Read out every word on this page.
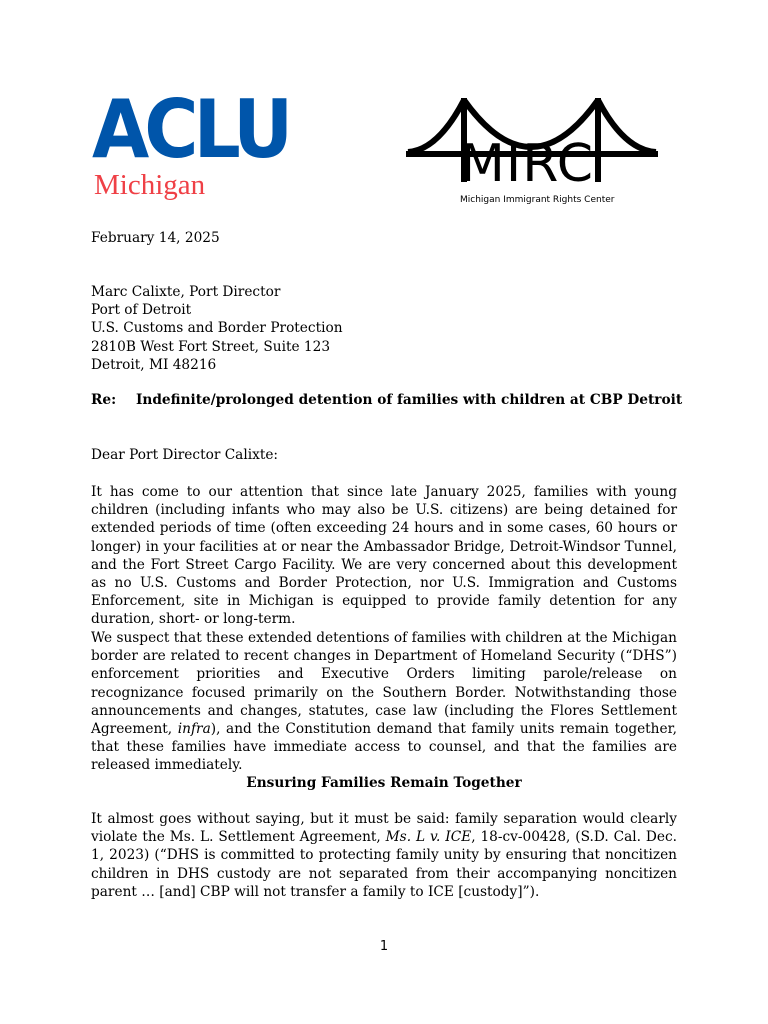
ACLU
Michigan	MIRC
Michigan Immigrant Rights Center
February 14, 2025
Marc Calixte, Port Director
Port of Detroit
U.S. Customs and Border Protection
2810B West Fort Street, Suite 123
Detroit, MI 48216
Re: Indefinite/prolonged detention of families with children at CBP Detroit
Dear Port Director Calixte:
It has come to our attention that since late January 2025, families with young children (including infants who may also be U.S. citizens) are being detained for extended periods of time (often exceeding 24 hours and in some cases, 60 hours or longer) in your facilities at or near the Ambassador Bridge, Detroit-Windsor Tunnel, and the Fort Street Cargo Facility. We are very concerned about this development as no U.S. Customs and Border Protection, nor U.S. Immigration and Customs Enforcement, site in Michigan is equipped to provide family detention for any duration, short- or long-term.
We suspect that these extended detentions of families with children at the Michigan border are related to recent changes in Department of Homeland Security (“DHS”) enforcement priorities and Executive Orders limiting parole/release on recognizance focused primarily on the Southern Border. Notwithstanding those announcements and changes, statutes, case law (including the Flores Settlement Agreement, infra), and the Constitution demand that family units remain together, that these families have immediate access to counsel, and that the families are released immediately.
Ensuring Families Remain Together
It almost goes without saying, but it must be said: family separation would clearly violate the Ms. L. Settlement Agreement, Ms. L v. ICE, 18-cv-00428, (S.D. Cal. Dec. 1, 2023) (“DHS is committed to protecting family unity by ensuring that noncitizen children in DHS custody are not separated from their accompanying noncitizen parent … [and] CBP will not transfer a family to ICE [custody]”).
1
